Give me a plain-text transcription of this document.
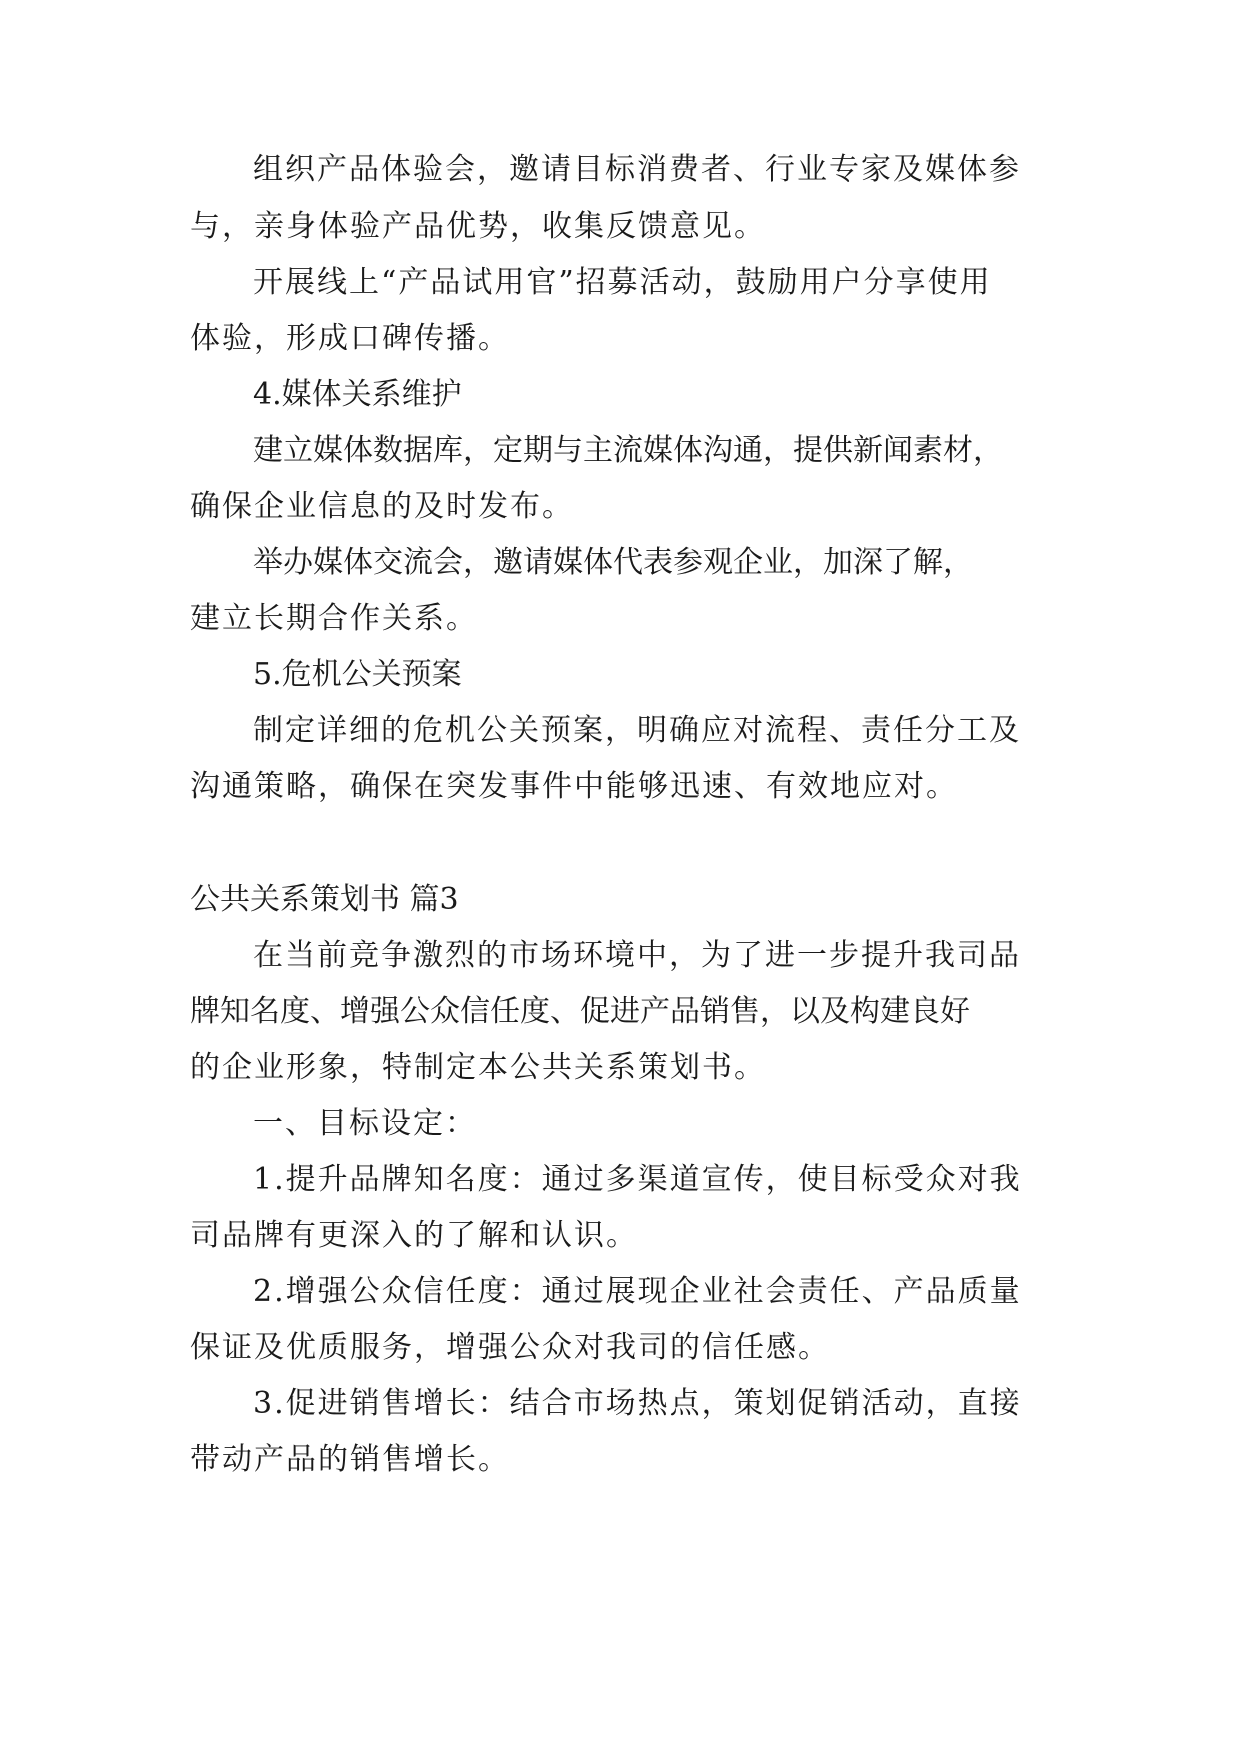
组织产品体验会，邀请目标消费者、行业专家及媒体参
与，亲身体验产品优势，收集反馈意见。
开展线上“产品试用官”招募活动，鼓励用户分享使用
体验，形成口碑传播。
4.媒体关系维护
建立媒体数据库，定期与主流媒体沟通，提供新闻素材，
确保企业信息的及时发布。
举办媒体交流会，邀请媒体代表参观企业，加深了解，
建立长期合作关系。
5.危机公关预案
制定详细的危机公关预案，明确应对流程、责任分工及
沟通策略，确保在突发事件中能够迅速、有效地应对。
公共关系策划书 篇3
在当前竞争激烈的市场环境中，为了进一步提升我司品
牌知名度、增强公众信任度、促进产品销售，以及构建良好
的企业形象，特制定本公共关系策划书。
一、目标设定：
1.提升品牌知名度：通过多渠道宣传，使目标受众对我
司品牌有更深入的了解和认识。
2.增强公众信任度：通过展现企业社会责任、产品质量
保证及优质服务，增强公众对我司的信任感。
3.促进销售增长：结合市场热点，策划促销活动，直接
带动产品的销售增长。
